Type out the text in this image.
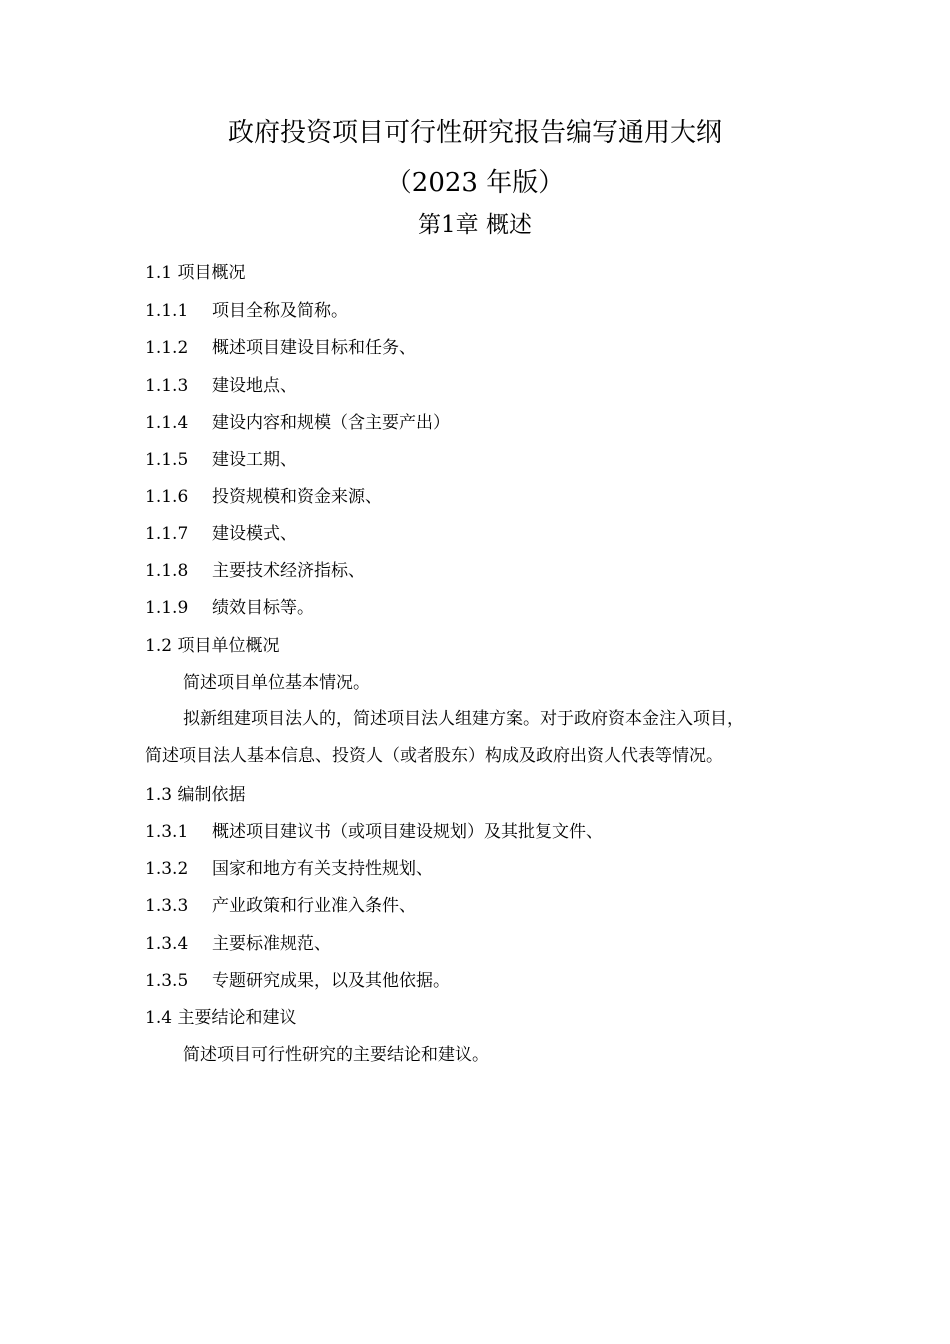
政府投资项目可行性研究报告编写通用大纲
（2023 年版）
第1章 概述
1.1 项目概况
1.1.1 项目全称及简称。
1.1.2 概述项目建设目标和任务、
1.1.3 建设地点、
1.1.4 建设内容和规模（含主要产出）
1.1.5 建设工期、
1.1.6 投资规模和资金来源、
1.1.7 建设模式、
1.1.8 主要技术经济指标、
1.1.9 绩效目标等。
1.2 项目单位概况
简述项目单位基本情况。
拟新组建项目法人的，简述项目法人组建方案。对于政府资本金注入项目，
简述项目法人基本信息、投资人（或者股东）构成及政府出资人代表等情况。
1.3 编制依据
1.3.1 概述项目建议书（或项目建设规划）及其批复文件、
1.3.2 国家和地方有关支持性规划、
1.3.3 产业政策和行业准入条件、
1.3.4 主要标准规范、
1.3.5 专题研究成果，以及其他依据。
1.4 主要结论和建议
简述项目可行性研究的主要结论和建议。
